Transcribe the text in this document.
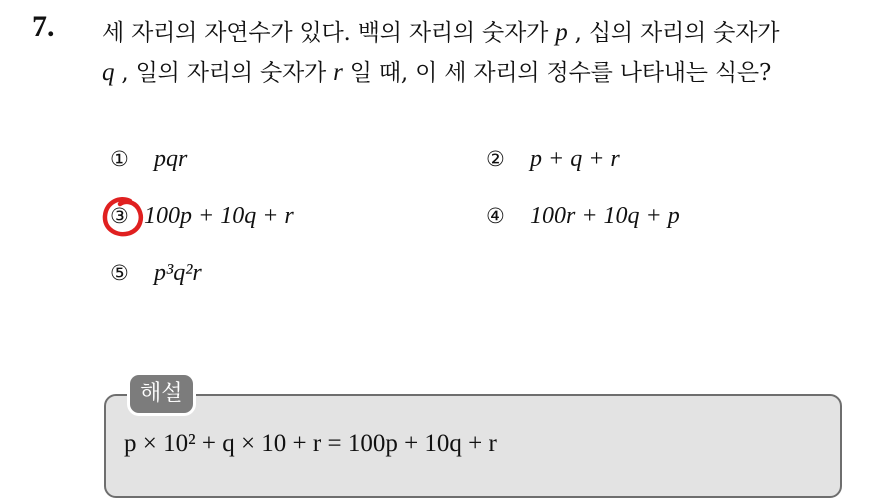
7. 세 자리의 자연수가 있다. 백의 자리의 숫자가 p , 십의 자리의 숫자가
q , 일의 자리의 숫자가 r 일 때, 이 세 자리의 정수를 나타내는 식은?
① pqr	② p + q + r
③ 100p + 10q + r	④ 100r + 10q + p
⑤ p³q²r
해설
p × 10² + q × 10 + r = 100p + 10q + r
